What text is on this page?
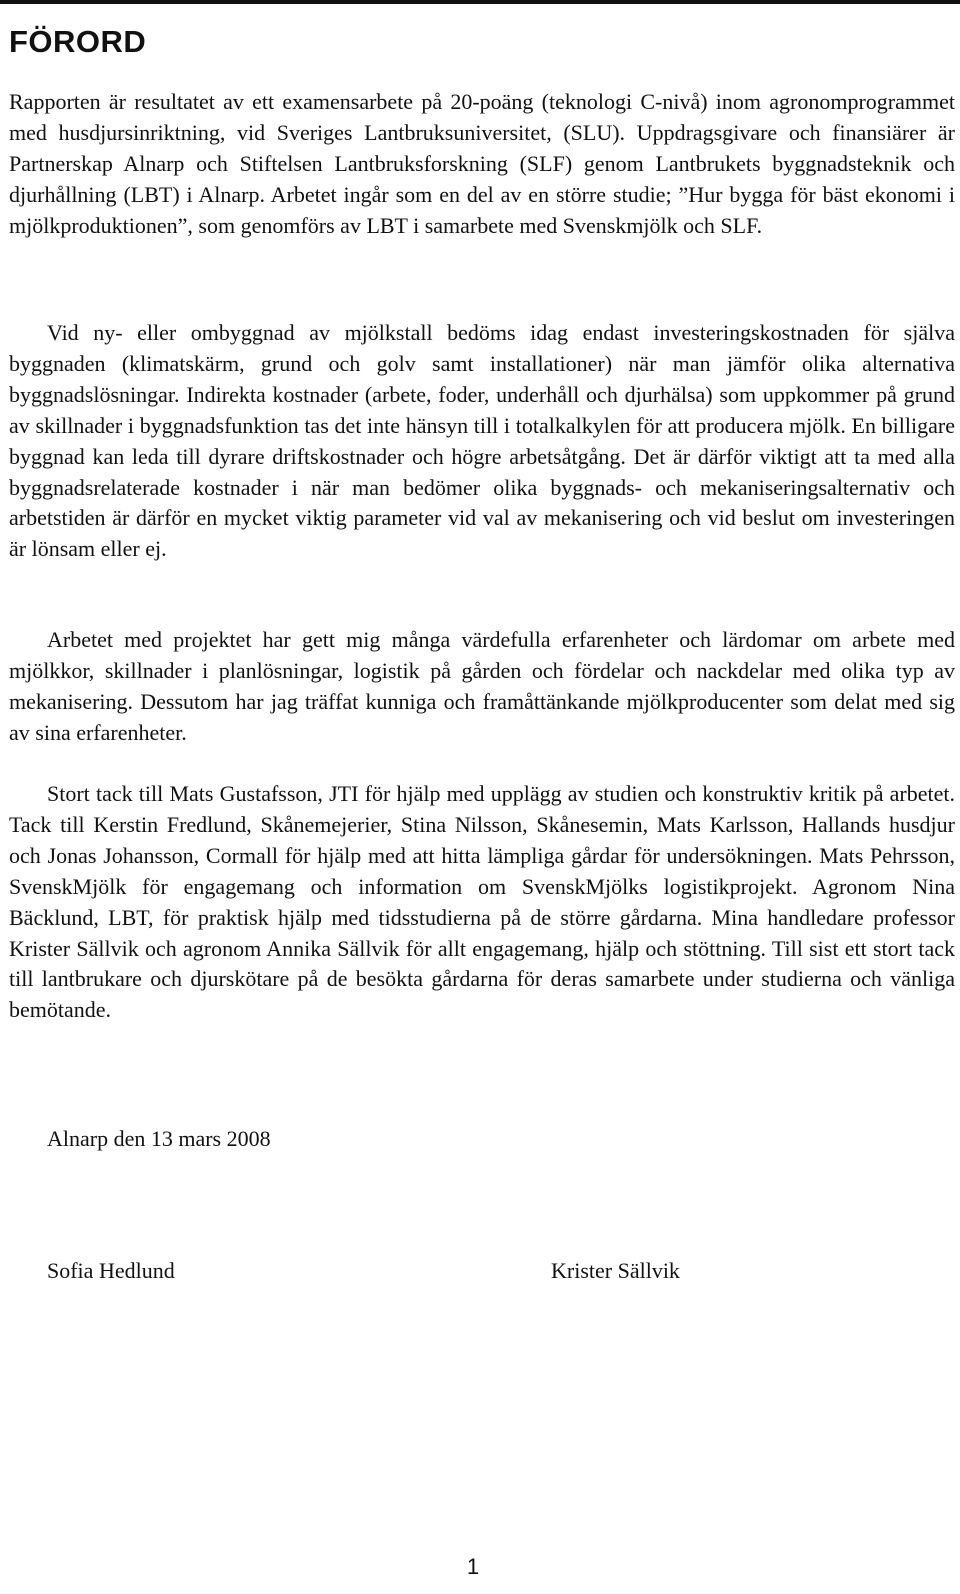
FÖRORD

Rapporten är resultatet av ett examensarbete på 20-poäng (teknologi C-nivå) inom agronomprogrammet med husdjursinriktning, vid Sveriges Lantbruksuniversitet, (SLU). Uppdragsgivare och finansiärer är Partnerskap Alnarp och Stiftelsen Lantbruksforskning (SLF) genom Lantbrukets byggnadsteknik och djurhållning (LBT) i Alnarp. Arbetet ingår som en del av en större studie; ”Hur bygga för bäst ekonomi i mjölkproduktionen”, som genomförs av LBT i samarbete med Svenskmjölk och SLF.

Vid ny- eller ombyggnad av mjölkstall bedöms idag endast investeringskostnaden för själva byggnaden (klimatskärm, grund och golv samt installationer) när man jämför olika alternativa byggnadslösningar. Indirekta kostnader (arbete, foder, underhåll och djurhälsa) som uppkommer på grund av skillnader i byggnadsfunktion tas det inte hänsyn till i totalkalkylen för att producera mjölk. En billigare byggnad kan leda till dyrare driftskostnader och högre arbetsåtgång. Det är därför viktigt att ta med alla byggnadsrelaterade kostnader i när man bedömer olika byggnads- och mekaniseringsalternativ och arbetstiden är därför en mycket viktig parameter vid val av mekanisering och vid beslut om investeringen är lönsam eller ej.

Arbetet med projektet har gett mig många värdefulla erfarenheter och lärdomar om arbete med mjölkkor, skillnader i planlösningar, logistik på gården och fördelar och nackdelar med olika typ av mekanisering. Dessutom har jag träffat kunniga och framåttänkande mjölkproducenter som delat med sig av sina erfarenheter.

Stort tack till Mats Gustafsson, JTI för hjälp med upplägg av studien och konstruktiv kritik på arbetet. Tack till Kerstin Fredlund, Skånemejerier, Stina Nilsson, Skånesemin, Mats Karlsson, Hallands husdjur och Jonas Johansson, Cormall för hjälp med att hitta lämpliga gårdar för undersökningen. Mats Pehrsson, SvenskMjölk för engagemang och information om SvenskMjölks logistikprojekt. Agronom Nina Bäcklund, LBT, för praktisk hjälp med tidsstudierna på de större gårdarna. Mina handledare professor Krister Sällvik och agronom Annika Sällvik för allt engagemang, hjälp och stöttning. Till sist ett stort tack till lantbrukare och djurskötare på de besökta gårdarna för deras samarbete under studierna och vänliga bemötande.

Alnarp den 13 mars 2008
Sofia Hedlund	Krister Sällvik
1
